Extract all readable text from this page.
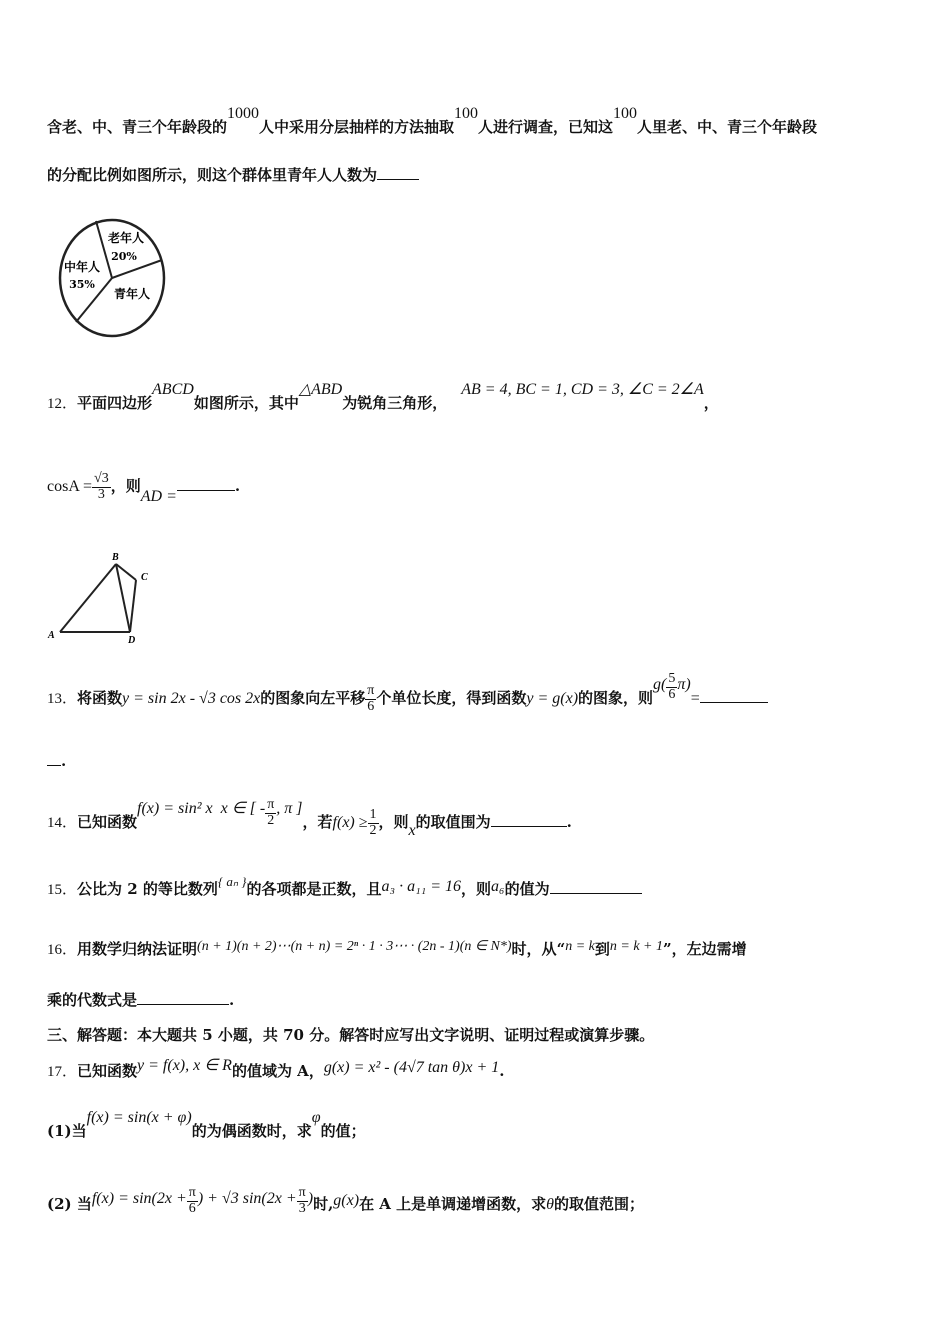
含老、中、青三个年龄段的1000人中采用分层抽样的方法抽取100人进行调查，已知这100人里老、中、青三个年龄段
的分配比例如图所示，则这个群体里青年人人数为
老年人
20%
中年人
35%
青年人
12．平面四边形ABCD如图所示，其中△ABD为锐角三角形，AB = 4, BC = 1, CD = 3, ∠C = 2∠A，
$\cos A = \frac{√3}{3}$ ，则AD =.
B
C
A	D
13．将函数y = sin 2x - √3 cos 2x的图象向左平移 $\frac{\pi}{6}$ 个单位长度，得到函数y = g(x)的图象，则$g( \frac{5}{6} \pi)=$
.
14．已知函数f(x) = sin² x x ∈ [ - $\frac{\pi}{2}$ , π ]，若$f(x) \ge \frac{1}{2}$ ，则x的取值围为	.
15．公比为 2 的等比数列{ aₙ }的各项都是正数，且a₃ · a₁₁ = 16，则a₆的值为
16．用数学归纳法证明(n + 1)(n + 2)⋯(n + n) = 2ⁿ · 1 · 3⋯ · (2n - 1)(n ∈ N*)时，从“n = k到n = k + 1”，左边需增
乘的代数式是	.
三、解答题：本大题共 5 小题，共 70 分。解答时应写出文字说明、证明过程或演算步骤。
17．已知函数y = f(x), x ∈ R的值域为 A，g(x) = x² - (4√7 tan θ)x + 1.
(1)当f(x) = sin(x + φ)的为偶函数时，求φ的值；
(2) 当$f(x) = \sin(2x + \frac{\pi}{6}$ ) + √3 $\sin(2x + \frac{\pi}{3}$ )时,g(x)在 A 上是单调递增函数，求θ的取值范围；
